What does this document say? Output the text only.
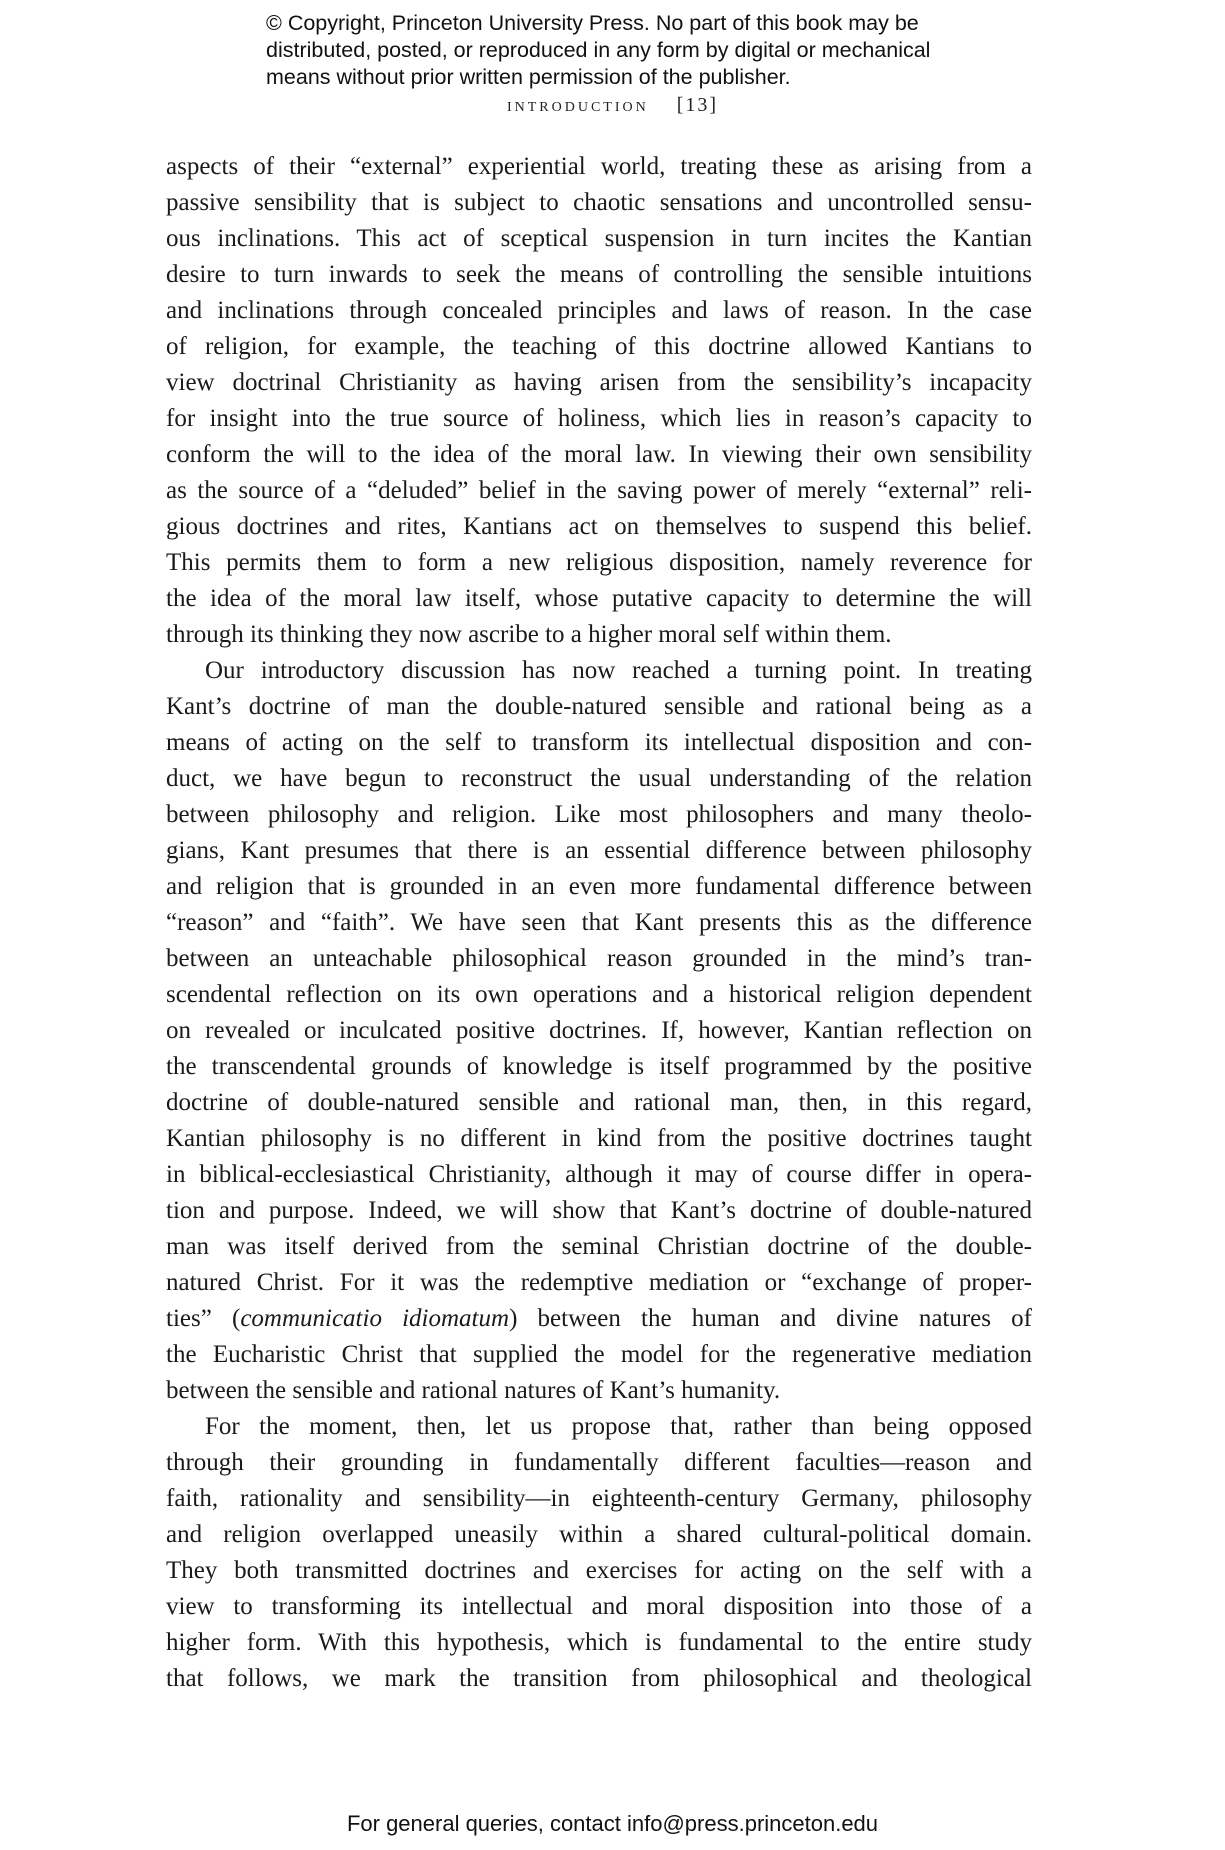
© Copyright, Princeton University Press. No part of this book may be
distributed, posted, or reproduced in any form by digital or mechanical
means without prior written permission of the publisher.
introduction [13]
aspects of their “external” experiential world, treating these as arising from a
passive sensibility that is subject to chaotic sensations and uncontrolled sensu-
ous inclinations. This act of sceptical suspension in turn incites the Kantian
desire to turn inwards to seek the means of controlling the sensible intuitions
and inclinations through concealed principles and laws of reason. In the case
of religion, for example, the teaching of this doctrine allowed Kantians to
view doctrinal Christianity as having arisen from the sensibility’s incapacity
for insight into the true source of holiness, which lies in reason’s capacity to
conform the will to the idea of the moral law. In viewing their own sensibility
as the source of a “deluded” belief in the saving power of merely “external” reli-
gious doctrines and rites, Kantians act on themselves to suspend this belief.
This permits them to form a new religious disposition, namely reverence for
the idea of the moral law itself, whose putative capacity to determine the will
through its thinking they now ascribe to a higher moral self within them.
Our introductory discussion has now reached a turning point. In treating
Kant’s doctrine of man the double-natured sensible and rational being as a
means of acting on the self to transform its intellectual disposition and con-
duct, we have begun to reconstruct the usual understanding of the relation
between philosophy and religion. Like most philosophers and many theolo-
gians, Kant presumes that there is an essential difference between philosophy
and religion that is grounded in an even more fundamental difference between
“reason” and “faith”. We have seen that Kant presents this as the difference
between an unteachable philosophical reason grounded in the mind’s tran-
scendental reflection on its own operations and a historical religion dependent
on revealed or inculcated positive doctrines. If, however, Kantian reflection on
the transcendental grounds of knowledge is itself programmed by the positive
doctrine of double-natured sensible and rational man, then, in this regard,
Kantian philosophy is no different in kind from the positive doctrines taught
in biblical-ecclesiastical Christianity, although it may of course differ in opera-
tion and purpose. Indeed, we will show that Kant’s doctrine of double-natured
man was itself derived from the seminal Christian doctrine of the double-
natured Christ. For it was the redemptive mediation or “exchange of proper-
ties” (communicatio idiomatum) between the human and divine natures of
the Eucharistic Christ that supplied the model for the regenerative mediation
between the sensible and rational natures of Kant’s humanity.
For the moment, then, let us propose that, rather than being opposed
through their grounding in fundamentally different faculties—reason and
faith, rationality and sensibility—in eighteenth-century Germany, philosophy
and religion overlapped uneasily within a shared cultural-political domain.
They both transmitted doctrines and exercises for acting on the self with a
view to transforming its intellectual and moral disposition into those of a
higher form. With this hypothesis, which is fundamental to the entire study
that follows, we mark the transition from philosophical and theological
For general queries, contact info@press.princeton.edu
